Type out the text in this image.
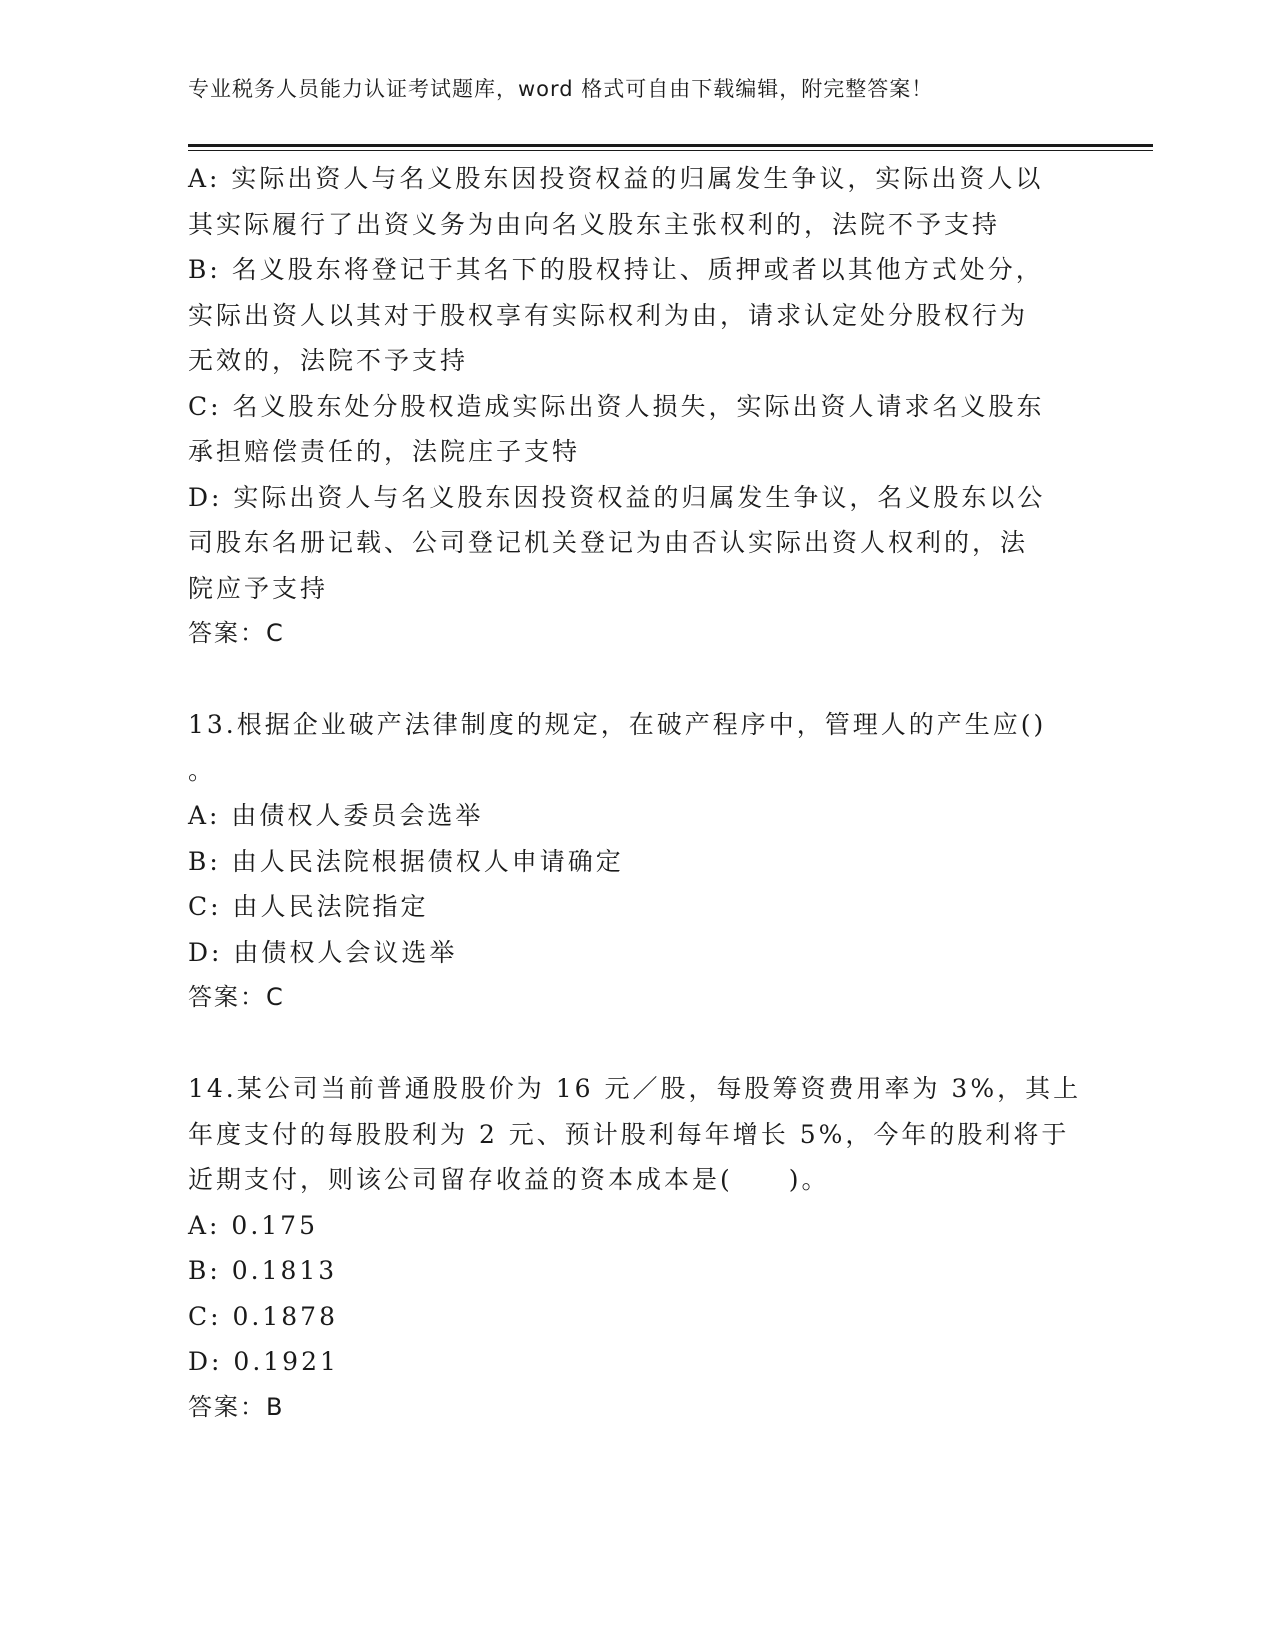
专业税务人员能力认证考试题库，word 格式可自由下载编辑，附完整答案！
A: 实际出资人与名义股东因投资权益的归属发生争议，实际出资人以
其实际履行了出资义务为由向名义股东主张权利的，法院不予支持
B: 名义股东将登记于其名下的股权持让、质押或者以其他方式处分，
实际出资人以其对于股权享有实际权利为由，请求认定处分股权行为
无效的，法院不予支持
C: 名义股东处分股权造成实际出资人损失，实际出资人请求名义股东
承担赔偿责任的，法院庄子支特
D: 实际出资人与名义股东因投资权益的归属发生争议，名义股东以公
司股东名册记载、公司登记机关登记为由否认实际出资人权利的，法
院应予支持
答案：C
13.根据企业破产法律制度的规定，在破产程序中，管理人的产生应()
。
A: 由债权人委员会选举
B: 由人民法院根据债权人申请确定
C: 由人民法院指定
D: 由债权人会议选举
答案：C
14.某公司当前普通股股价为 16 元／股，每股筹资费用率为 3%，其上
年度支付的每股股利为 2 元、预计股利每年增长 5%，今年的股利将于
近期支付，则该公司留存收益的资本成本是(　　)。
A: 0.175
B: 0.1813
C: 0.1878
D: 0.1921
答案：B
